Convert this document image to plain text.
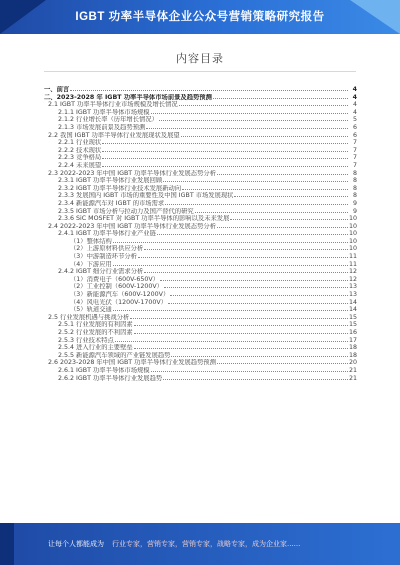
IGBT 功率半导体企业公众号营销策略研究报告
内容目录
一、前言	4
二、2023-2028 年 IGBT 功率半导体市场前景及趋势预测	4
2.1 IGBT 功率半导体行业市场规模及增长情况	4
2.1.1 IGBT 功率半导体市场规模	4
2.1.2 行业增长率（历年增长情况）	5
2.1.3 市场发展前景及趋势预测	6
2.2 我国 IGBT 功率半导体行业发展现状及展望	6
2.2.1 行业现状	7
2.2.2 技术现状	7
2.2.3 竞争格局	7
2.2.4 未来展望	7
2.3 2022-2023 年中国 IGBT 功率半导体行业发展态势分析	8
2.3.1 IGBT 功率半导体行业发展回顾	8
2.3.2 IGBT 功率半导体行业技术发展新动向	8
2.3.3 发展国内 IGBT 市场的重要性及中国 IGBT 市场发展现状	8
2.3.4 新能源汽车对 IGBT 的市场需求	9
2.3.5 IGBT 市场分析与拉动力及国产替代的研究	9
2.3.6 SiC MOSFET 对 IGBT 功率半导体的影响以及未来发展	10
2.4 2022-2023 年中国 IGBT 功率半导体行业发展态势分析	10
2.4.1 IGBT 功率半导体行业产业链	10
（1）整体结构	10
（2）上游原材料供应分析	10
（3）中游制造环节分析	11
（4）下游应用	11
2.4.2 IGBT 细分行业需求分析	12
（1）消费电子（600V-650V）	12
（2）工业控制（600V-1200V）	13
（3）新能源汽车（600V-1200V）	13
（4）风电光伏（1200V-1700V）	14
（5）轨道交通	14
2.5 行业发展机遇与挑战分析	15
2.5.1 行业发展的有利因素	15
2.5.2 行业发展的不利因素	16
2.5.3 行业技术特点	17
2.5.4 进入行业的主要壁垒	18
2.5.5 新能源汽车领域的产业链发展趋势	18
2.6 2023-2028 年中国 IGBT 功率半导体行业发展趋势预测	20
2.6.1 IGBT 功率半导体市场规模	21
2.6.2 IGBT 功率半导体行业发展趋势	21
让每个人都能成为 行业专家，营销专家，营销专家，战略专家，成为企业家......
